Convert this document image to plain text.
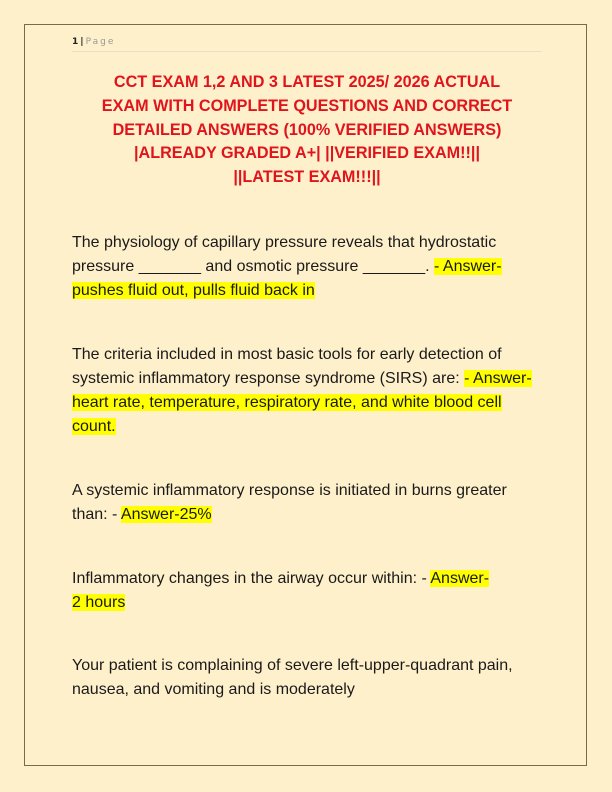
1 | Page
CCT EXAM 1,2 AND 3 LATEST 2025/ 2026 ACTUAL
EXAM WITH COMPLETE QUESTIONS AND CORRECT
DETAILED ANSWERS (100% VERIFIED ANSWERS)
|ALREADY GRADED A+| ||VERIFIED EXAM!!||
||LATEST EXAM!!!||
The physiology of capillary pressure reveals that hydrostatic pressure _______ and osmotic pressure _______. - Answer-pushes fluid out, pulls fluid back in
The criteria included in most basic tools for early detection of systemic inflammatory response syndrome (SIRS) are: - Answer-heart rate, temperature, respiratory rate, and white blood cell count.
A systemic inflammatory response is initiated in burns greater than: - Answer-25%
Inflammatory changes in the airway occur within: - Answer-2 hours
Your patient is complaining of severe left-upper-quadrant pain, nausea, and vomiting and is moderately
